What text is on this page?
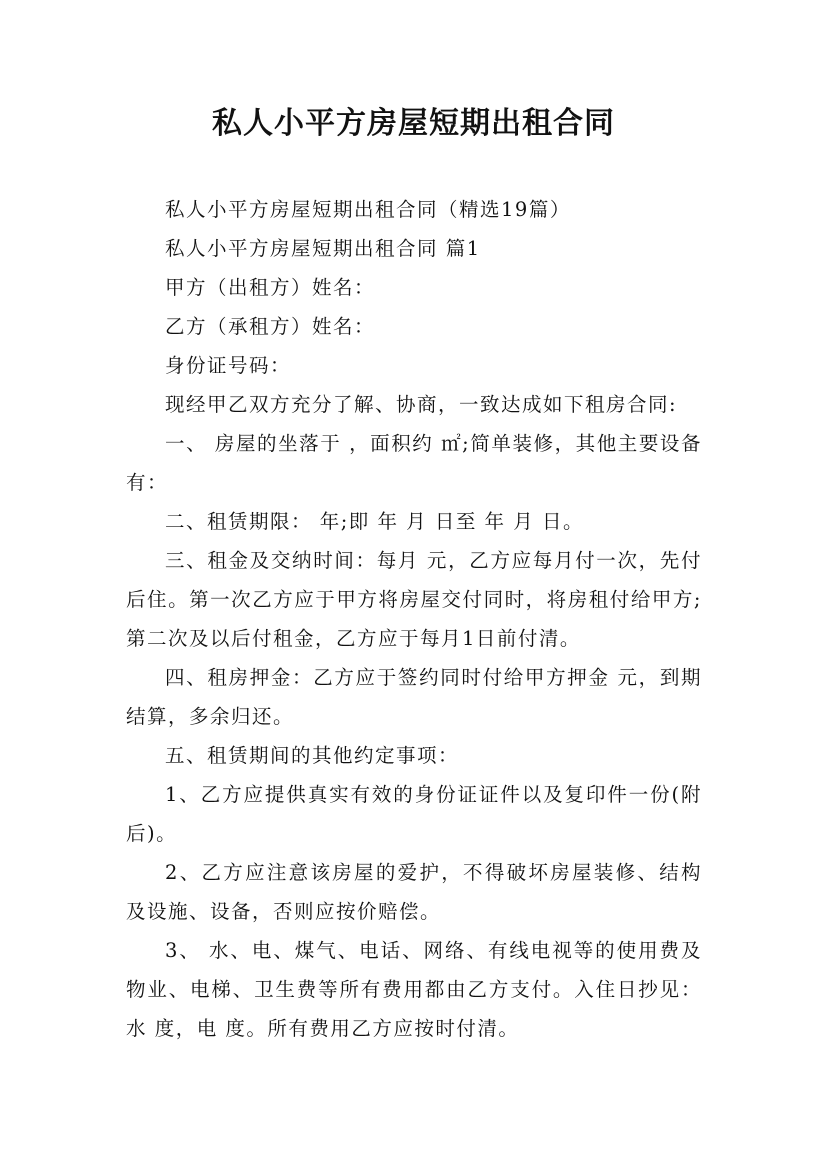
私人小平方房屋短期出租合同

私人小平方房屋短期出租合同（精选19篇）

私人小平方房屋短期出租合同 篇1

甲方（出租方）姓名：

乙方（承租方）姓名：

身份证号码：

现经甲乙双方充分了解、协商，一致达成如下租房合同:

一、 房屋的坐落于 ，面积约 ㎡;简单装修，其他主要设备有：

二、租赁期限： 年;即 年 月 日至 年 月 日。

三、租金及交纳时间：每月 元，乙方应每月付一次，先付后住。第一次乙方应于甲方将房屋交付同时，将房租付给甲方;第二次及以后付租金，乙方应于每月1日前付清。

四、租房押金：乙方应于签约同时付给甲方押金 元，到期结算，多余归还。

五、租赁期间的其他约定事项：

1、乙方应提供真实有效的身份证证件以及复印件一份(附后)。

2、乙方应注意该房屋的爱护，不得破坏房屋装修、结构及设施、设备，否则应按价赔偿。

3、 水、电、煤气、电话、网络、有线电视等的使用费及物业、电梯、卫生费等所有费用都由乙方支付。入住日抄见：水 度，电 度。所有费用乙方应按时付清。
